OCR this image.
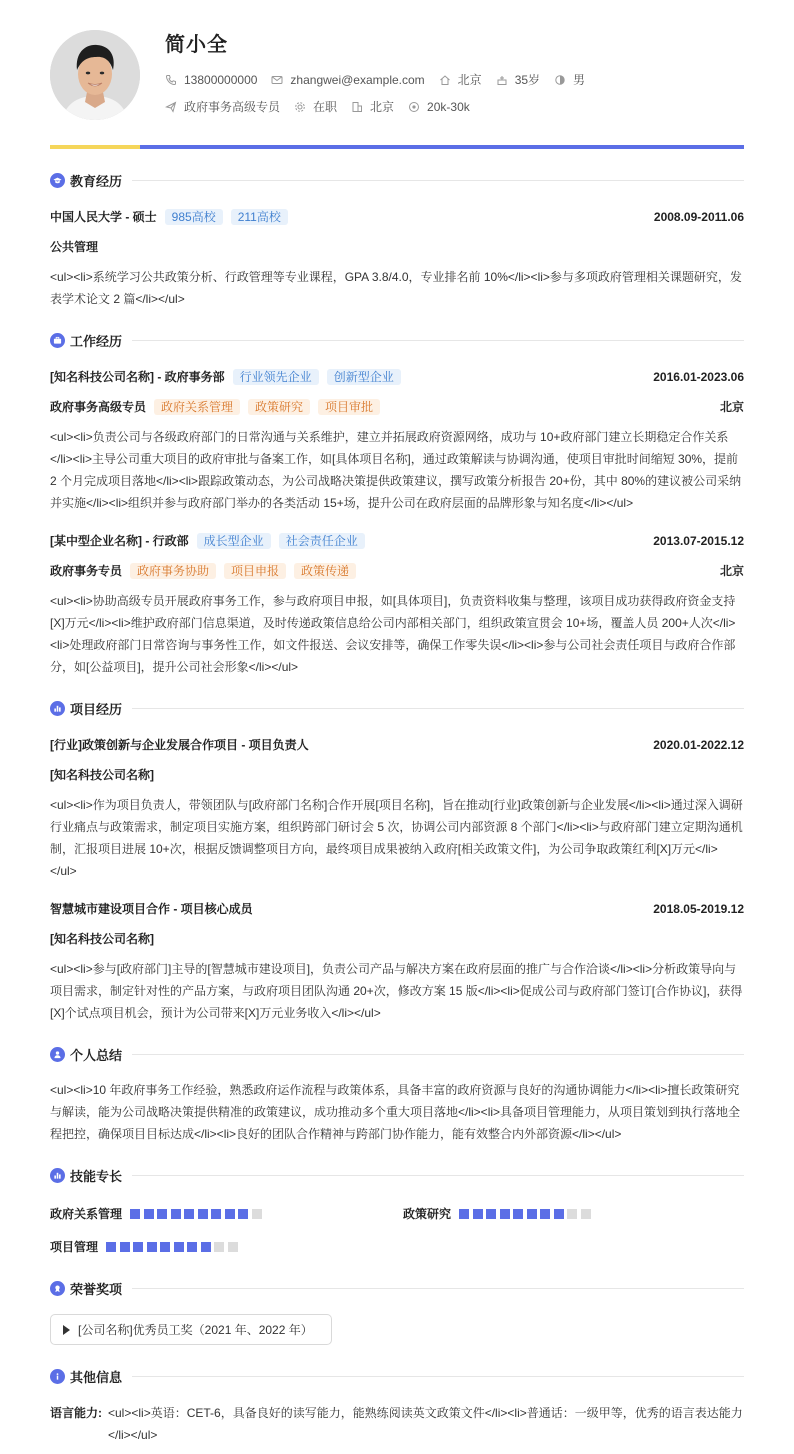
简小全
13800000000	zhangwei@example.com	北京	35岁	男
政府事务高级专员	在职	北京	20k-30k
教育经历
中国人民大学 - 硕士	985高校	211高校	2008.09-2011.06
公共管理
<ul><li>系统学习公共政策分析、行政管理等专业课程，GPA 3.8/4.0，专业排名前 10%</li><li>参与多项政府管理相关课题研究，发表学术论文 2 篇</li></ul>
工作经历
[知名科技公司名称] - 政府事务部	行业领先企业	创新型企业	2016.01-2023.06
政府事务高级专员	政府关系管理	政策研究	项目审批	北京
<ul><li>负责公司与各级政府部门的日常沟通与关系维护，建立并拓展政府资源网络，成功与 10+政府部门建立长期稳定合作关系</li><li>主导公司重大项目的政府审批与备案工作，如[具体项目名称]，通过政策解读与协调沟通，使项目审批时间缩短 30%，提前 2 个月完成项目落地</li><li>跟踪政策动态，为公司战略决策提供政策建议，撰写政策分析报告 20+份，其中 80%的建议被公司采纳并实施</li><li>组织并参与政府部门举办的各类活动 15+场，提升公司在政府层面的品牌形象与知名度</li></ul>
[某中型企业名称] - 行政部	成长型企业	社会责任企业	2013.07-2015.12
政府事务专员	政府事务协助	项目申报	政策传递	北京
<ul><li>协助高级专员开展政府事务工作，参与政府项目申报，如[具体项目]，负责资料收集与整理，该项目成功获得政府资金支持[X]万元</li><li>维护政府部门信息渠道，及时传递政策信息给公司内部相关部门，组织政策宣贯会 10+场，覆盖人员 200+人次</li><li>处理政府部门日常咨询与事务性工作，如文件报送、会议安排等，确保工作零失误</li><li>参与公司社会责任项目与政府合作部分，如[公益项目]，提升公司社会形象</li></ul>
项目经历
[行业]政策创新与企业发展合作项目 - 项目负责人	2020.01-2022.12
[知名科技公司名称]
<ul><li>作为项目负责人，带领团队与[政府部门名称]合作开展[项目名称]，旨在推动[行业]政策创新与企业发展</li><li>通过深入调研行业痛点与政策需求，制定项目实施方案，组织跨部门研讨会 5 次，协调公司内部资源 8 个部门</li><li>与政府部门建立定期沟通机制，汇报项目进展 10+次，根据反馈调整项目方向，最终项目成果被纳入政府[相关政策文件]，为公司争取政策红利[X]万元</li></ul>
智慧城市建设项目合作 - 项目核心成员	2018.05-2019.12
[知名科技公司名称]
<ul><li>参与[政府部门]主导的[智慧城市建设项目]，负责公司产品与解决方案在政府层面的推广与合作洽谈</li><li>分析政策导向与项目需求，制定针对性的产品方案，与政府项目团队沟通 20+次，修改方案 15 版</li><li>促成公司与政府部门签订[合作协议]，获得[X]个试点项目机会，预计为公司带来[X]万元业务收入</li></ul>
个人总结
<ul><li>10 年政府事务工作经验，熟悉政府运作流程与政策体系，具备丰富的政府资源与良好的沟通协调能力</li><li>擅长政策研究与解读，能为公司战略决策提供精准的政策建议，成功推动多个重大项目落地</li><li>具备项目管理能力，从项目策划到执行落地全程把控，确保项目目标达成</li><li>良好的团队合作精神与跨部门协作能力，能有效整合内外部资源</li></ul>
技能专长
政府关系管理	政策研究
项目管理
荣誉奖项
[公司名称]优秀员工奖（2021 年、2022 年）
其他信息
语言能力: <ul><li>英语：CET-6，具备良好的读写能力，能熟练阅读英文政策文件</li><li>普通话：一级甲等，优秀的语言表达能力</li></ul>
